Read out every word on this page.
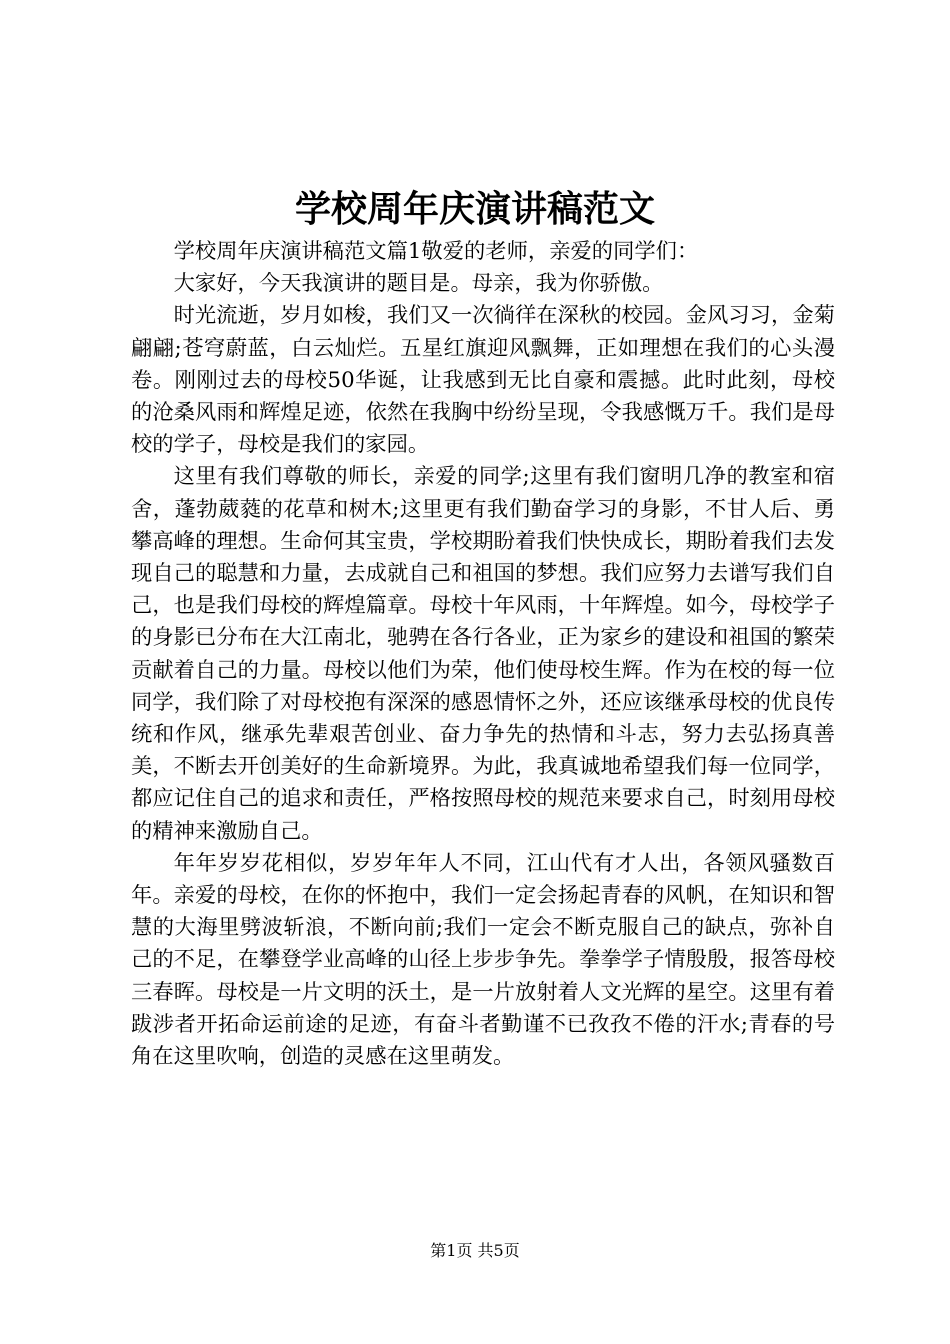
学校周年庆演讲稿范文

学校周年庆演讲稿范文篇1敬爱的老师，亲爱的同学们：

大家好，今天我演讲的题目是。母亲，我为你骄傲。

时光流逝，岁月如梭，我们又一次徜徉在深秋的校园。金风习习，金菊翩翩;苍穹蔚蓝，白云灿烂。五星红旗迎风飘舞，正如理想在我们的心头漫卷。刚刚过去的母校50华诞，让我感到无比自豪和震撼。此时此刻，母校的沧桑风雨和辉煌足迹，依然在我胸中纷纷呈现，令我感慨万千。我们是母校的学子，母校是我们的家园。

这里有我们尊敬的师长，亲爱的同学;这里有我们窗明几净的教室和宿舍，蓬勃葳蕤的花草和树木;这里更有我们勤奋学习的身影，不甘人后、勇攀高峰的理想。生命何其宝贵，学校期盼着我们快快成长，期盼着我们去发现自己的聪慧和力量，去成就自己和祖国的梦想。我们应努力去谱写我们自己，也是我们母校的辉煌篇章。母校十年风雨，十年辉煌。如今，母校学子的身影已分布在大江南北，驰骋在各行各业，正为家乡的建设和祖国的繁荣贡献着自己的力量。母校以他们为荣，他们使母校生辉。作为在校的每一位同学，我们除了对母校抱有深深的感恩情怀之外，还应该继承母校的优良传统和作风，继承先辈艰苦创业、奋力争先的热情和斗志，努力去弘扬真善美，不断去开创美好的生命新境界。为此，我真诚地希望我们每一位同学，都应记住自己的追求和责任，严格按照母校的规范来要求自己，时刻用母校的精神来激励自己。

年年岁岁花相似，岁岁年年人不同，江山代有才人出，各领风骚数百年。亲爱的母校，在你的怀抱中，我们一定会扬起青春的风帆，在知识和智慧的大海里劈波斩浪，不断向前;我们一定会不断克服自己的缺点，弥补自己的不足，在攀登学业高峰的山径上步步争先。拳拳学子情殷殷，报答母校三春晖。母校是一片文明的沃土，是一片放射着人文光辉的星空。这里有着跋涉者开拓命运前途的足迹，有奋斗者勤谨不已孜孜不倦的汗水;青春的号角在这里吹响，创造的灵感在这里萌发。

第1页 共5页
